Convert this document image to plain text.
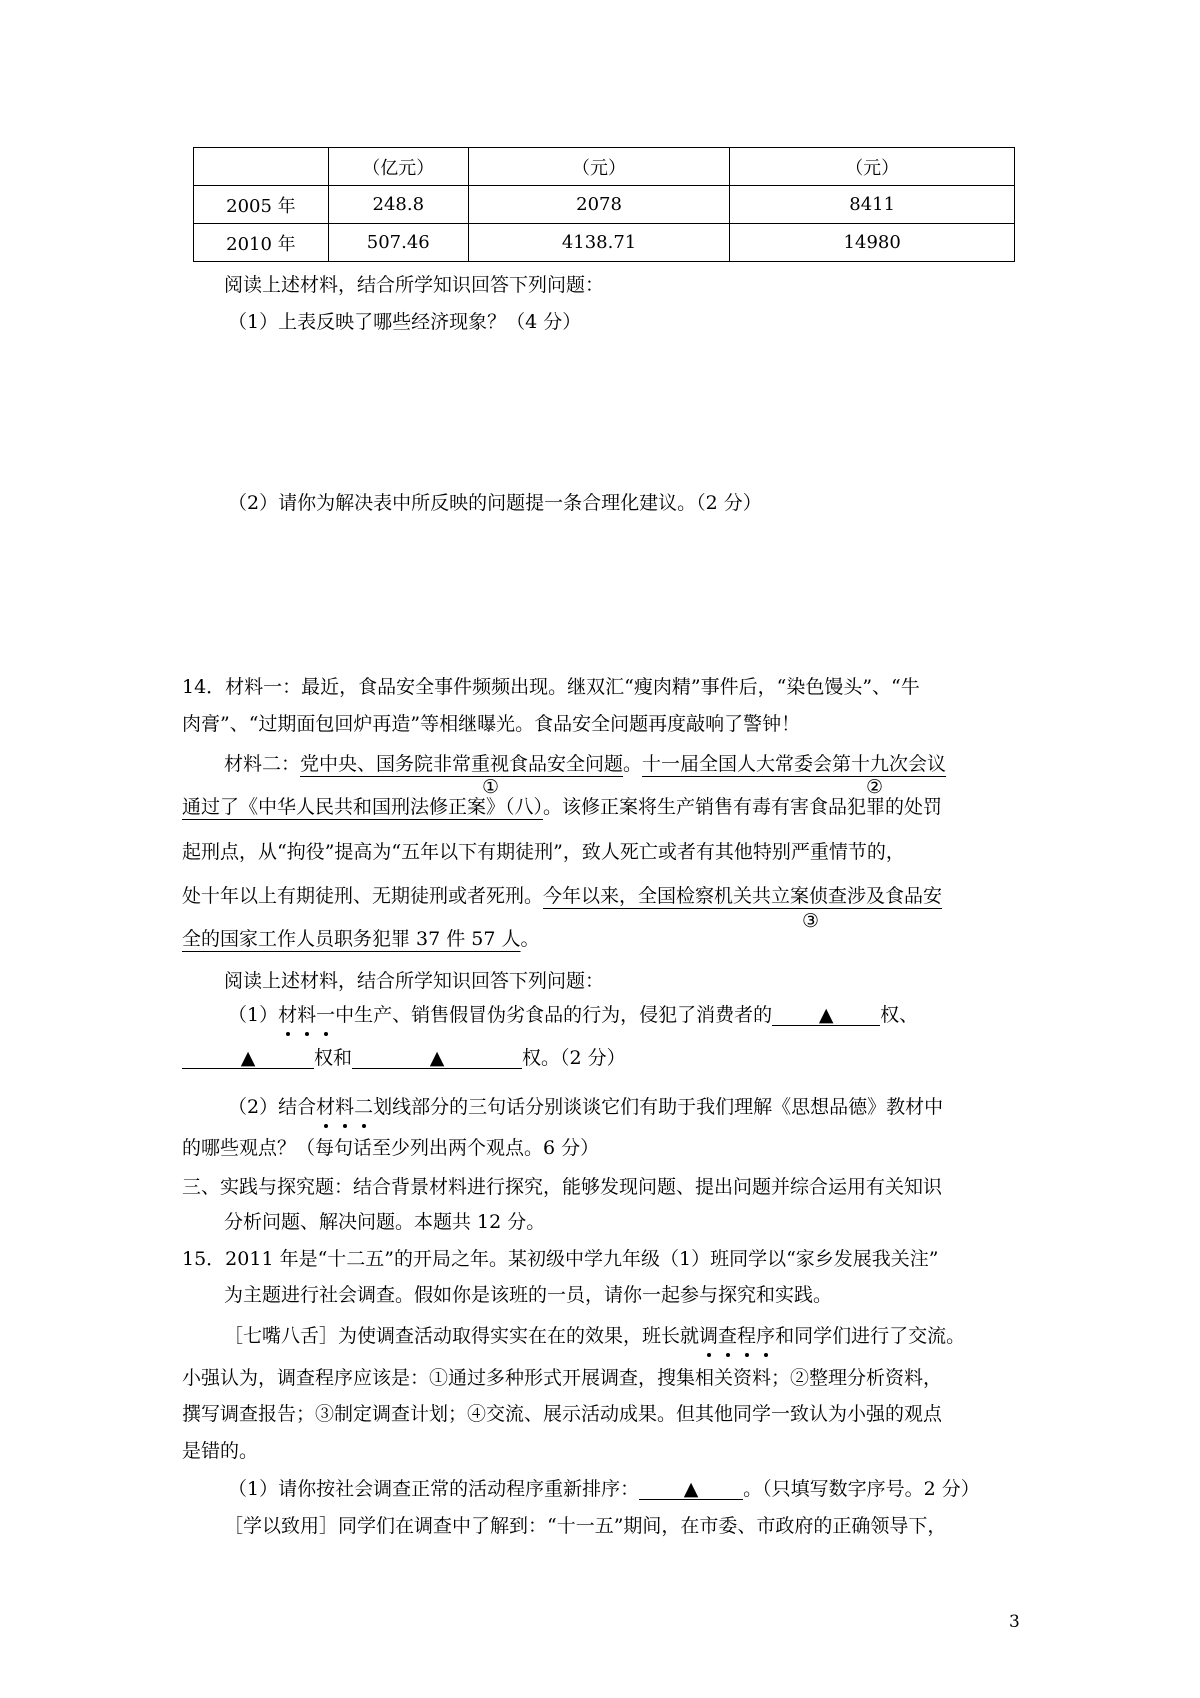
	（亿元）	（元）	（元）
2005 年	248.8	2078	8411
2010 年	507.46	4138.71	14980
阅读上述材料，结合所学知识回答下列问题：
（1）上表反映了哪些经济现象？（4 分）
（2）请你为解决表中所反映的问题提一条合理化建议。（2 分）
14．材料一：最近，食品安全事件频频出现。继双汇“瘦肉精”事件后，“染色馒头”、“牛
肉膏”、“过期面包回炉再造”等相继曝光。食品安全问题再度敲响了警钟！
材料二：党中央、国务院非常重视食品安全问题。十一届全国人大常委会第十九次会议
①	②
通过了《中华人民共和国刑法修正案》（八）。该修正案将生产销售有毒有害食品犯罪的处罚
起刑点，从“拘役”提高为“五年以下有期徒刑”，致人死亡或者有其他特别严重情节的，
处十年以上有期徒刑、无期徒刑或者死刑。今年以来，全国检察机关共立案侦查涉及食品安
③
全的国家工作人员职务犯罪 37 件 57 人。
阅读上述材料，结合所学知识回答下列问题：
（1）材料一中生产、销售假冒伪劣食品的行为，侵犯了消费者的 ▲ 权、
▲	权和	▲	权。（2 分）
（2）结合材料二划线部分的三句话分别谈谈它们有助于我们理解《思想品德》教材中
的哪些观点？（每句话至少列出两个观点。6 分）
三、实践与探究题：结合背景材料进行探究，能够发现问题、提出问题并综合运用有关知识
分析问题、解决问题。本题共 12 分。
15．2011 年是“十二五”的开局之年。某初级中学九年级（1）班同学以“家乡发展我关注”
为主题进行社会调查。假如你是该班的一员，请你一起参与探究和实践。
［七嘴八舌］为使调查活动取得实实在在的效果，班长就调查程序和同学们进行了交流。
小强认为，调查程序应该是：①通过多种形式开展调查，搜集相关资料；②整理分析资料，
撰写调查报告；③制定调查计划；④交流、展示活动成果。但其他同学一致认为小强的观点
是错的。
（1）请你按社会调查正常的活动程序重新排序： ▲ 。（只填写数字序号。2 分）
［学以致用］同学们在调查中了解到：“十一五”期间，在市委、市政府的正确领导下，
3
